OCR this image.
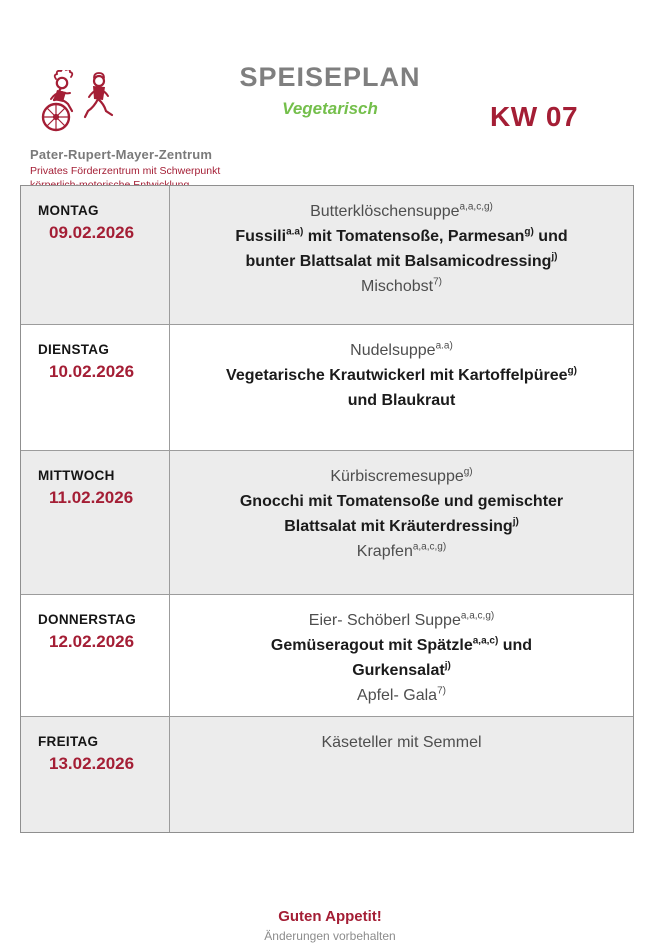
Pater-Rupert-Mayer-Zentrum
Privates Förderzentrum mit Schwerpunkt
SPEISEPLAN
Vegetarisch	KW 07
MONTAG
09.02.2026
Butterklöschensuppe$^{a,a,c,g)}$
Fussili$^{a.a)}$ mit Tomatensoße, Parmesan$^{g)}$ und
bunter Blattsalat mit Balsamicodressing$^{j)}$
Mischobst$^{7)}$
DIENSTAG
10.02.2026
Nudelsuppe$^{a.a)}$
Vegetarische Krautwickerl mit Kartoffelpüree$^{g)}$
und Blaukraut
MITTWOCH
11.02.2026
Kürbiscremesuppe$^{g)}$
Gnocchi mit Tomatensoße und gemischter
Blattsalat mit Kräuterdressing$^{j)}$
Krapfen$^{a,a,c,g)}$
DONNERSTAG
12.02.2026
Eier- Schöberl Suppe$^{a,a,c,g)}$
Gemüseragout mit Spätzle$^{a,a,c)}$ und
Gurkensalat$^{j)}$
Apfel- Gala$^{7)}$
FREITAG
13.02.2026
Käseteller mit Semmel
Guten Appetit!
Änderungen vorbehalten
